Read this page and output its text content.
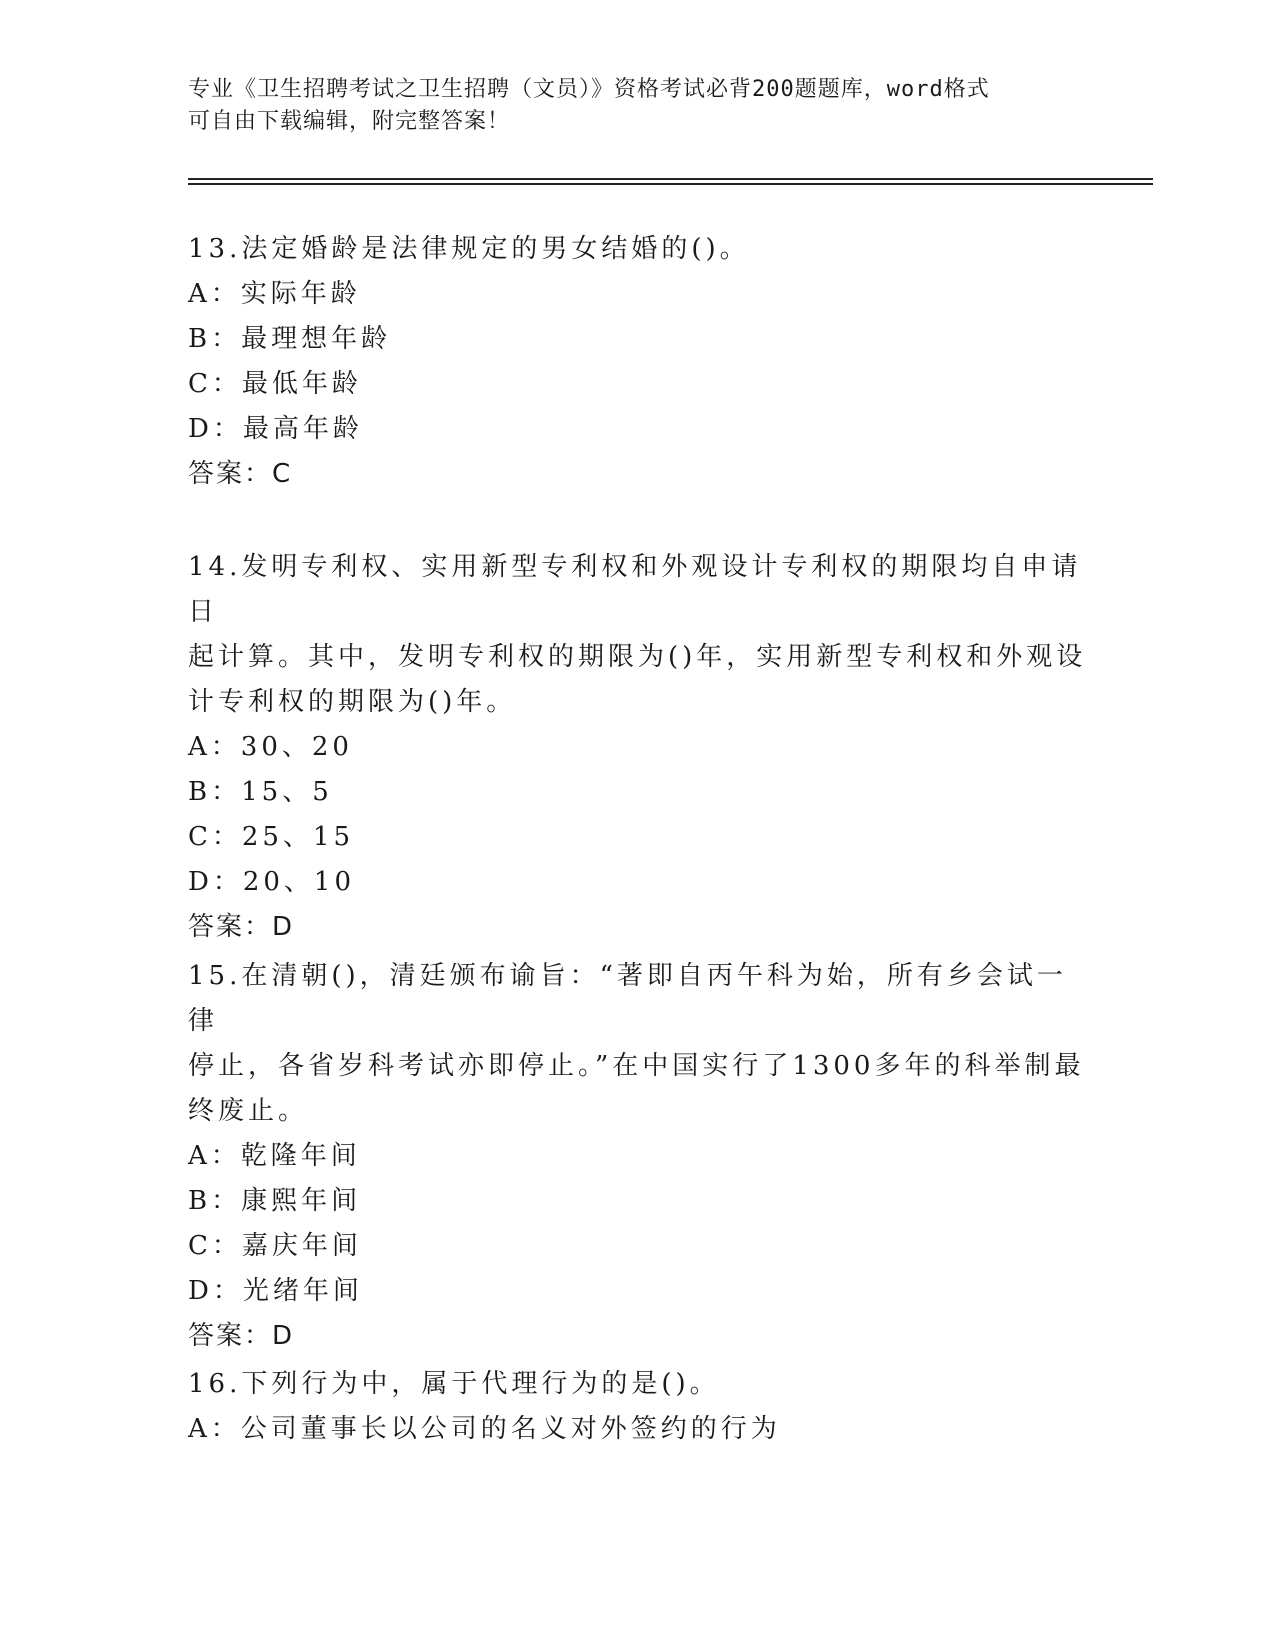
专业《卫生招聘考试之卫生招聘（文员）》资格考试必背200题题库，word格式
可自由下载编辑，附完整答案！

13.法定婚龄是法律规定的男女结婚的()。

A：实际年龄

B：最理想年龄

C：最低年龄

D：最高年龄

答案：C

14.发明专利权、实用新型专利权和外观设计专利权的期限均自申请日

起计算。其中，发明专利权的期限为()年，实用新型专利权和外观设

计专利权的期限为()年。

A：30、20

B：15、5

C：25、15

D：20、10

答案：D

15.在清朝()，清廷颁布谕旨：“著即自丙午科为始，所有乡会试一律

停止，各省岁科考试亦即停止。”在中国实行了1300多年的科举制最

终废止。

A：乾隆年间

B：康熙年间

C：嘉庆年间

D：光绪年间

答案：D

16.下列行为中，属于代理行为的是()。

A：公司董事长以公司的名义对外签约的行为
